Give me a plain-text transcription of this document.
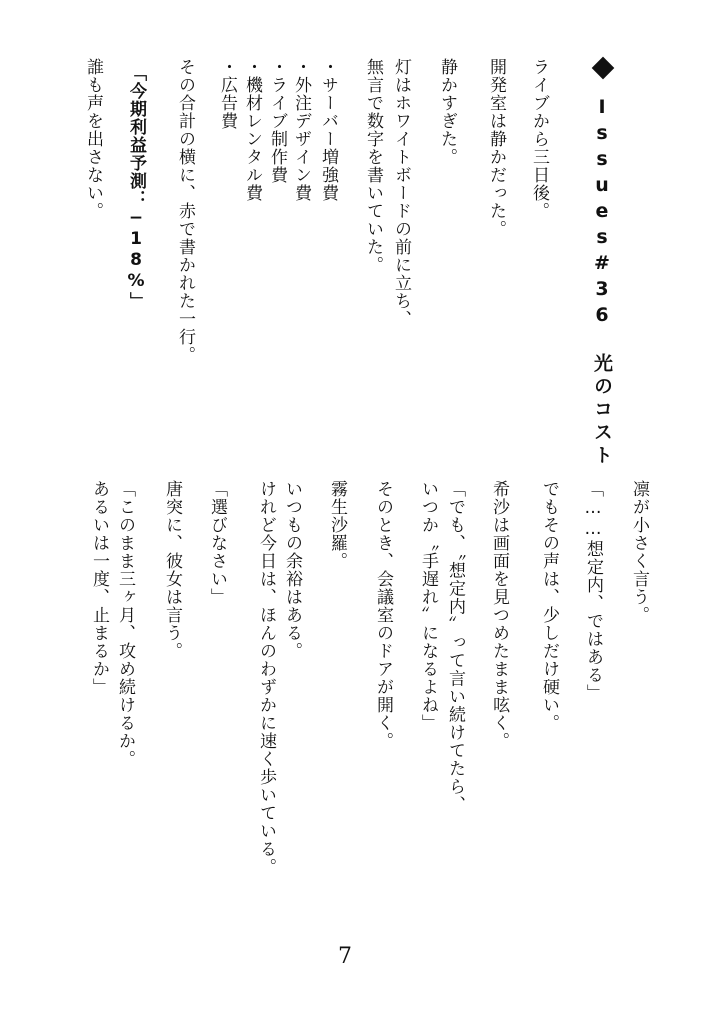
Issues#36　光のコスト
ライブから三日後。
開発室は静かだった。
静かすぎた。
灯はホワイトボードの前に立ち、
無言で数字を書いていた。
・サーバー増強費
・外注デザイン費
・ライブ制作費
・機材レンタル費
・広告費
その合計の横に、赤で書かれた一行。
「今期利益予測：−18%」
誰も声を出さない。
凛が小さく言う。
「……想定内、ではある」
でもその声は、少しだけ硬い。
希沙は画面を見つめたまま呟く。
「でも、〝想定内〟って言い続けてたら、
いつか〝手遅れ〟になるよね」
そのとき、会議室のドアが開く。
霧生沙羅。
いつもの余裕はある。
けれど今日は、ほんのわずかに速く歩いている。
「選びなさい」
唐突に、彼女は言う。
「このまま三ヶ月、攻め続けるか。
あるいは一度、止まるか」
7
